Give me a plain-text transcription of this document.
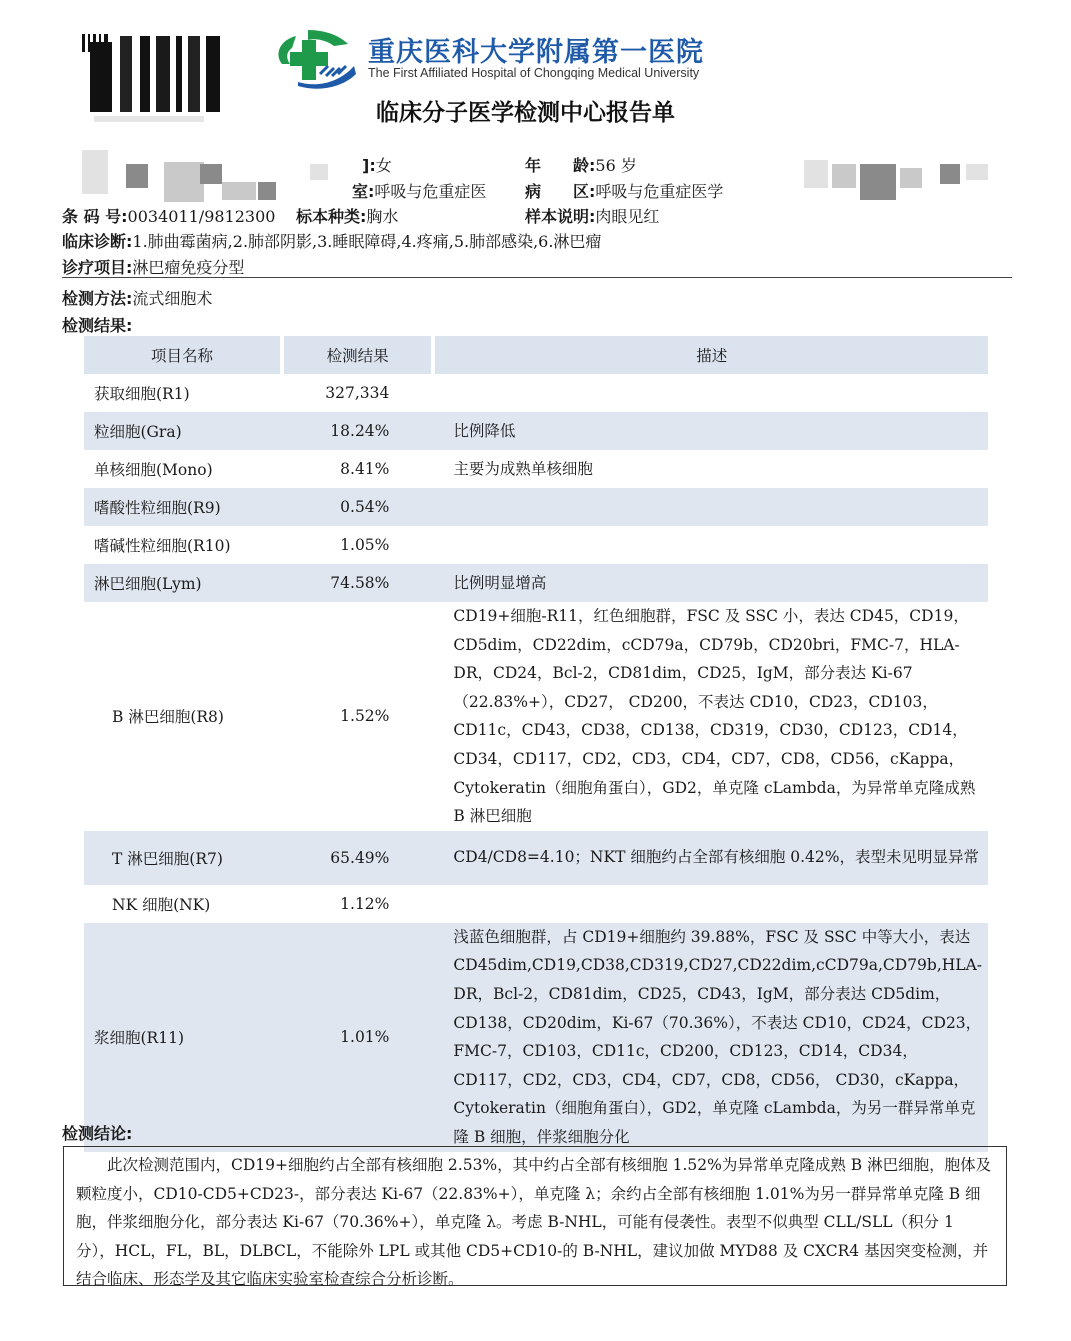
重庆医科大学附属第一医院
The First Affiliated Hospital of Chongqing Medical University
临床分子医学检测中心报告单
]:女	年　　龄:56 岁
室:呼吸与危重症医 病　　区:呼吸与危重症医学
条 码 号:0034011/9812300 标本种类:胸水	样本说明:肉眼见红
临床诊断:1.肺曲霉菌病,2.肺部阴影,3.睡眠障碍,4.疼痛,5.肺部感染,6.淋巴瘤
诊疗项目:淋巴瘤免疫分型
检测方法:流式细胞术
检测结果:
项目名称	检测结果	描述
获取细胞(R1)	327,334	
粒细胞(Gra)	18.24%	比例降低
单核细胞(Mono)	8.41%	主要为成熟单核细胞
嗜酸性粒细胞(R9)	0.54%	
嗜碱性粒细胞(R10)	1.05%	
淋巴细胞(Lym)	74.58%	比例明显增高
B 淋巴细胞(R8)	1.52%	CD19+细胞-R11，红色细胞群，FSC 及 SSC 小，表达 CD45，CD19，CD5dim，CD22dim，cCD79a，CD79b，CD20bri，FMC-7，HLA-DR，CD24，Bcl-2，CD81dim，CD25，IgM，部分表达 Ki-67（22.83%+），CD27， CD200，不表达 CD10，CD23，CD103，CD11c，CD43，CD38，CD138，CD319，CD30，CD123，CD14，CD34，CD117，CD2，CD3，CD4，CD7，CD8，CD56，cKappa，Cytokeratin（细胞角蛋白），GD2，单克隆 cLambda，为异常单克隆成熟 B 淋巴细胞
T 淋巴细胞(R7)	65.49%	CD4/CD8=4.10；NKT 细胞约占全部有核细胞 0.42%，表型未见明显异常
NK 细胞(NK)	1.12%	
浆细胞(R11)	1.01%	浅蓝色细胞群，占 CD19+细胞约 39.88%，FSC 及 SSC 中等大小，表达 CD45dim,CD19,CD38,CD319,CD27,CD22dim,cCD79a,CD79b,HLA-DR，Bcl-2，CD81dim，CD25，CD43，IgM，部分表达 CD5dim，CD138，CD20dim，Ki-67（70.36%），不表达 CD10，CD24，CD23，FMC-7，CD103，CD11c，CD200，CD123，CD14，CD34，CD117，CD2，CD3，CD4，CD7，CD8，CD56， CD30，cKappa，Cytokeratin（细胞角蛋白），GD2，单克隆 cLambda，为另一群异常单克隆 B 细胞，伴浆细胞分化
检测结论:
此次检测范围内，CD19+细胞约占全部有核细胞 2.53%，其中约占全部有核细胞 1.52%为异常单克隆成熟 B 淋巴细胞，胞体及颗粒度小，CD10-CD5+CD23-，部分表达 Ki-67（22.83%+），单克隆 λ；余约占全部有核细胞 1.01%为另一群异常单克隆 B 细胞，伴浆细胞分化，部分表达 Ki-67（70.36%+），单克隆 λ。考虑 B-NHL，可能有侵袭性。表型不似典型 CLL/SLL（积分 1 分），HCL，FL，BL，DLBCL，不能除外 LPL 或其他 CD5+CD10-的 B-NHL，建议加做 MYD88 及 CXCR4 基因突变检测，并结合临床、形态学及其它临床实验室检查综合分析诊断。
